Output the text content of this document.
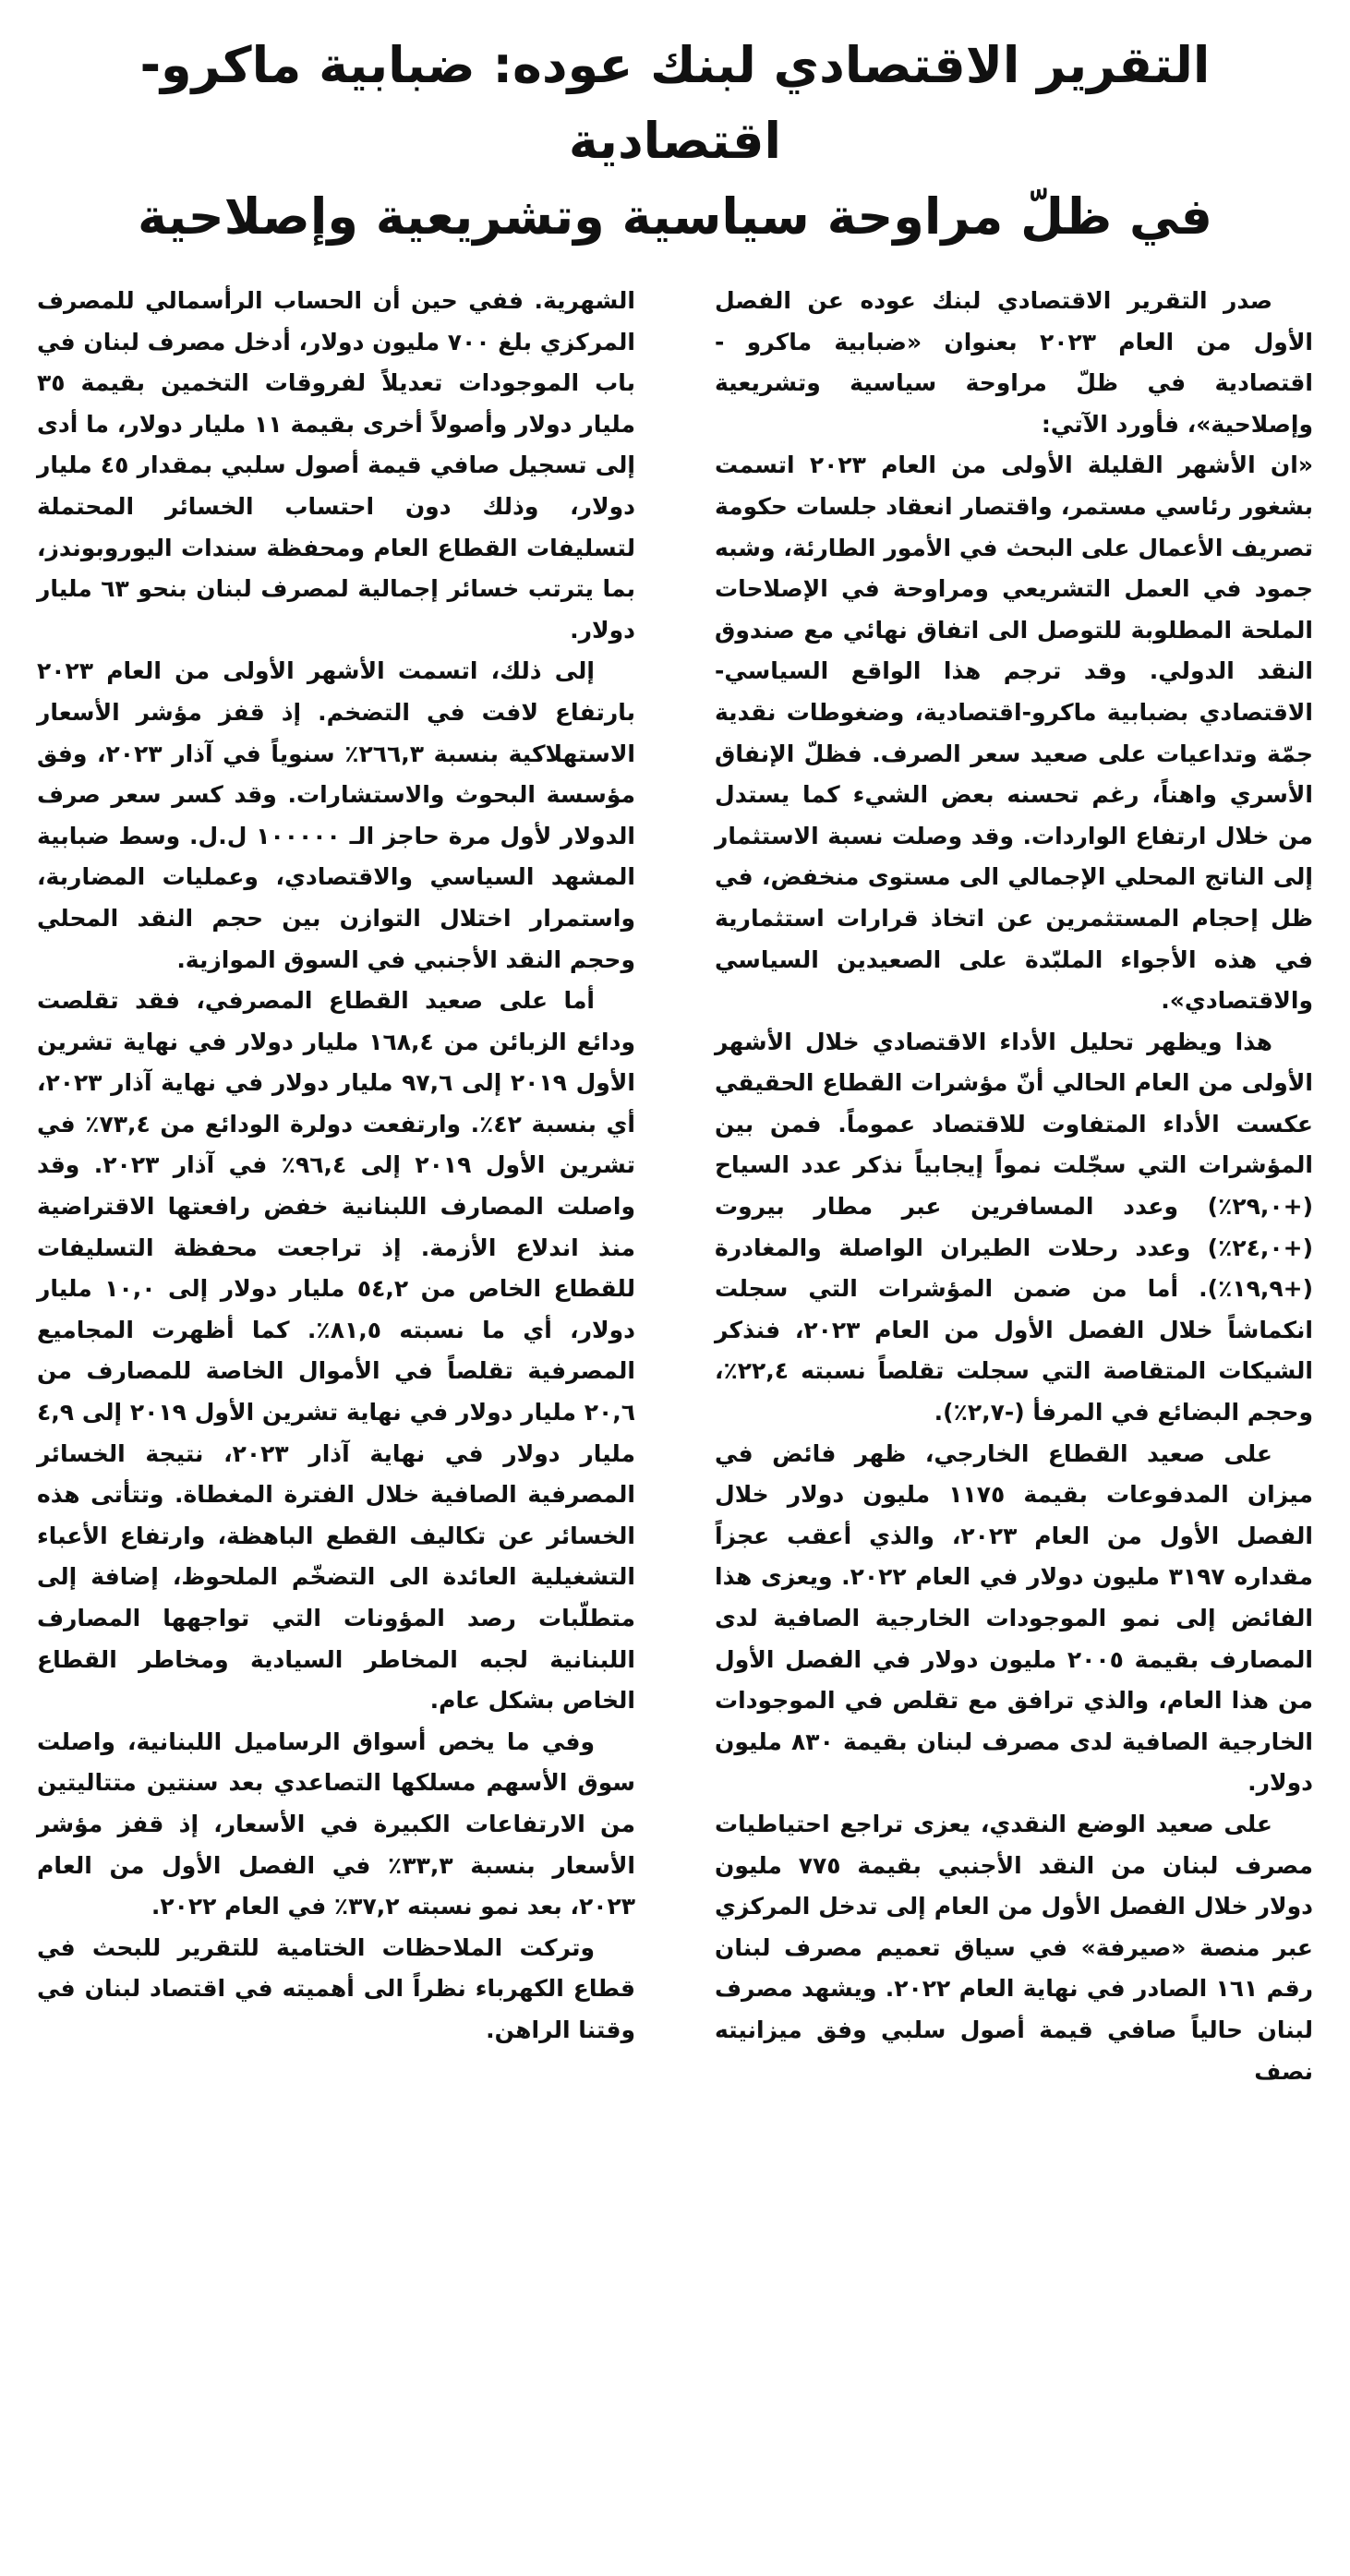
التقرير الاقتصادي لبنك عوده: ضبابية ماكرو-اقتصادية
في ظلّ مراوحة سياسية وتشريعية وإصلاحية

صدر التقرير الاقتصادي لبنك عوده عن الفصل الأول من العام ٢٠٢٣ بعنوان «ضبابية ماكرو - اقتصادية في ظلّ مراوحة سياسية وتشريعية وإصلاحية»، فأورد الآتي:

«ان الأشهر القليلة الأولى من العام ٢٠٢٣ اتسمت بشغور رئاسي مستمر، واقتصار انعقاد جلسات حكومة تصريف الأعمال على البحث في الأمور الطارئة، وشبه جمود في العمل التشريعي ومراوحة في الإصلاحات الملحة المطلوبة للتوصل الى اتفاق نهائي مع صندوق النقد الدولي. وقد ترجم هذا الواقع السياسي-الاقتصادي بضبابية ماكرو-اقتصادية، وضغوطات نقدية جمّة وتداعيات على صعيد سعر الصرف. فظلّ الإنفاق الأسري واهناً، رغم تحسنه بعض الشيء كما يستدل من خلال ارتفاع الواردات. وقد وصلت نسبة الاستثمار إلى الناتج المحلي الإجمالي الى مستوى منخفض، في ظل إحجام المستثمرين عن اتخاذ قرارات استثمارية في هذه الأجواء الملبّدة على الصعيدين السياسي والاقتصادي».

هذا ويظهر تحليل الأداء الاقتصادي خلال الأشهر الأولى من العام الحالي أنّ مؤشرات القطاع الحقيقي عكست الأداء المتفاوت للاقتصاد عموماً. فمن بين المؤشرات التي سجّلت نمواً إيجابياً نذكر عدد السياح (+٢٩,٠٪) وعدد المسافرين عبر مطار بيروت (+٢٤,٠٪) وعدد رحلات الطيران الواصلة والمغادرة (+١٩,٩٪). أما من ضمن المؤشرات التي سجلت انكماشاً خلال الفصل الأول من العام ٢٠٢٣، فنذكر الشيكات المتقاصة التي سجلت تقلصاً نسبته ٢٢,٤٪، وحجم البضائع في المرفأ (-٢,٧٪).

على صعيد القطاع الخارجي، ظهر فائض في ميزان المدفوعات بقيمة ١١٧٥ مليون دولار خلال الفصل الأول من العام ٢٠٢٣، والذي أعقب عجزاً مقداره ٣١٩٧ مليون دولار في العام ٢٠٢٢. ويعزى هذا الفائض إلى نمو الموجودات الخارجية الصافية لدى المصارف بقيمة ٢٠٠٥ مليون دولار في الفصل الأول من هذا العام، والذي ترافق مع تقلص في الموجودات الخارجية الصافية لدى مصرف لبنان بقيمة ٨٣٠ مليون دولار.

على صعيد الوضع النقدي، يعزى تراجع احتياطيات مصرف لبنان من النقد الأجنبي بقيمة ٧٧٥ مليون دولار خلال الفصل الأول من العام إلى تدخل المركزي عبر منصة «صيرفة» في سياق تعميم مصرف لبنان رقم ١٦١ الصادر في نهاية العام ٢٠٢٢. ويشهد مصرف لبنان حالياً صافي قيمة أصول سلبي وفق ميزانيته نصف

الشهرية. ففي حين أن الحساب الرأسمالي للمصرف المركزي بلغ ٧٠٠ مليون دولار، أدخل مصرف لبنان في باب الموجودات تعديلاً لفروقات التخمين بقيمة ٣٥ مليار دولار وأصولاً أخرى بقيمة ١١ مليار دولار، ما أدى إلى تسجيل صافي قيمة أصول سلبي بمقدار ٤٥ مليار دولار، وذلك دون احتساب الخسائر المحتملة لتسليفات القطاع العام ومحفظة سندات اليوروبوندز، بما يترتب خسائر إجمالية لمصرف لبنان بنحو ٦٣ مليار دولار.

إلى ذلك، اتسمت الأشهر الأولى من العام ٢٠٢٣ بارتفاع لافت في التضخم. إذ قفز مؤشر الأسعار الاستهلاكية بنسبة ٢٦٦,٣٪ سنوياً في آذار ٢٠٢٣، وفق مؤسسة البحوث والاستشارات. وقد كسر سعر صرف الدولار لأول مرة حاجز الـ ١٠٠٠٠٠ ل.ل. وسط ضبابية المشهد السياسي والاقتصادي، وعمليات المضاربة، واستمرار اختلال التوازن بين حجم النقد المحلي وحجم النقد الأجنبي في السوق الموازية.

أما على صعيد القطاع المصرفي، فقد تقلصت ودائع الزبائن من ١٦٨,٤ مليار دولار في نهاية تشرين الأول ٢٠١٩ إلى ٩٧,٦ مليار دولار في نهاية آذار ٢٠٢٣، أي بنسبة ٤٢٪. وارتفعت دولرة الودائع من ٧٣,٤٪ في تشرين الأول ٢٠١٩ إلى ٩٦,٤٪ في آذار ٢٠٢٣. وقد واصلت المصارف اللبنانية خفض رافعتها الاقتراضية منذ اندلاع الأزمة. إذ تراجعت محفظة التسليفات للقطاع الخاص من ٥٤,٢ مليار دولار إلى ١٠,٠ مليار دولار، أي ما نسبته ٨١,٥٪. كما أظهرت المجاميع المصرفية تقلصاً في الأموال الخاصة للمصارف من ٢٠,٦ مليار دولار في نهاية تشرين الأول ٢٠١٩ إلى ٤,٩ مليار دولار في نهاية آذار ٢٠٢٣، نتيجة الخسائر المصرفية الصافية خلال الفترة المغطاة. وتتأتى هذه الخسائر عن تكاليف القطع الباهظة، وارتفاع الأعباء التشغيلية العائدة الى التضخّم الملحوظ، إضافة إلى متطلّبات رصد المؤونات التي تواجهها المصارف اللبنانية لجبه المخاطر السيادية ومخاطر القطاع الخاص بشكل عام.

وفي ما يخص أسواق الرساميل اللبنانية، واصلت سوق الأسهم مسلكها التصاعدي بعد سنتين متتاليتين من الارتفاعات الكبيرة في الأسعار، إذ قفز مؤشر الأسعار بنسبة ٣٣,٣٪ في الفصل الأول من العام ٢٠٢٣، بعد نمو نسبته ٣٧,٢٪ في العام ٢٠٢٢.

وتركت الملاحظات الختامية للتقرير للبحث في قطاع الكهرباء نظراً الى أهميته في اقتصاد لبنان في وقتنا الراهن.
